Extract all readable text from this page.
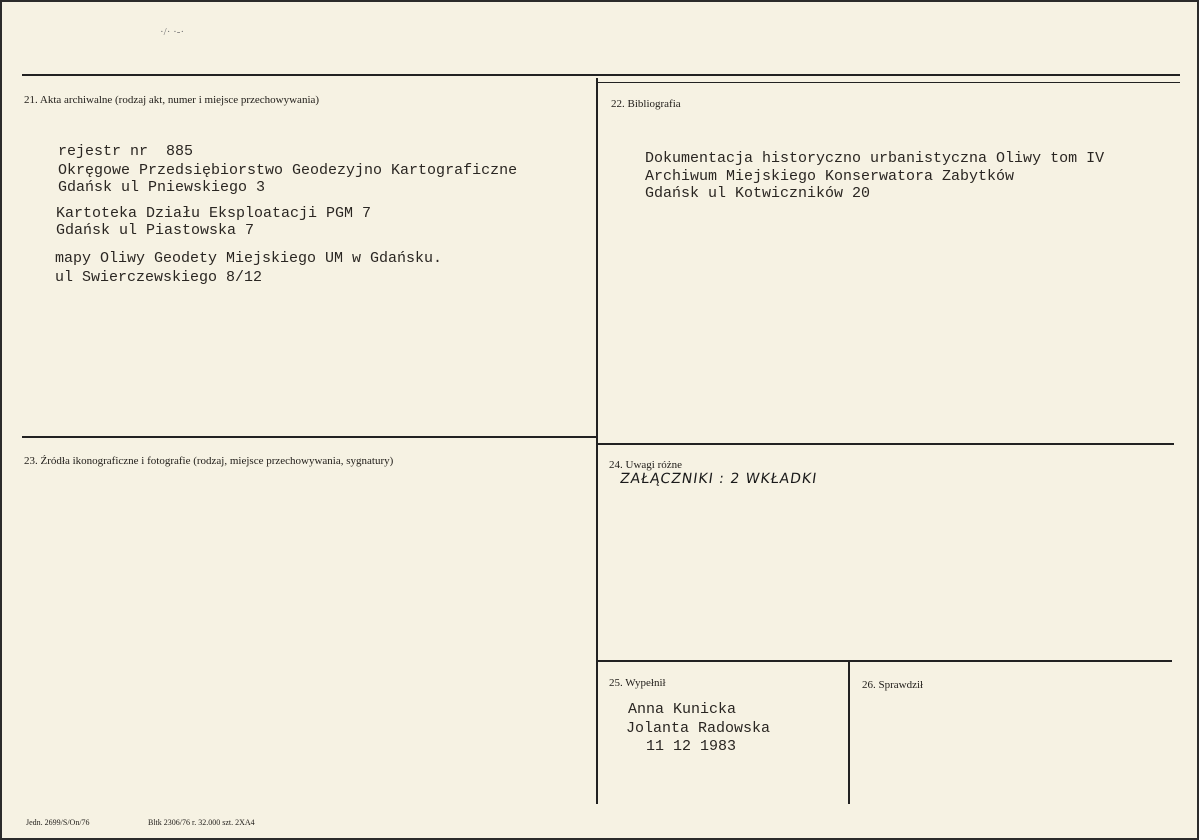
·/· ·-·
21. Akta archiwalne (rodzaj akt, numer i miejsce przechowywania)
rejestr nr  885
Okręgowe Przedsiębiorstwo Geodezyjno Kartograficzne
Gdańsk ul Pniewskiego 3
Kartoteka Działu Eksploatacji PGM 7
Gdańsk ul Piastowska 7
mapy Oliwy Geodety Miejskiego UM w Gdańsku.
ul Swierczewskiego 8/12
22. Bibliografia
Dokumentacja historyczno urbanistyczna Oliwy tom IV
Archiwum Miejskiego Konserwatora Zabytków
Gdańsk ul Kotwiczników 20
23. Źródła ikonograficzne i fotografie (rodzaj, miejsce przechowywania, sygnatury)	24. Uwagi różne
ZAŁĄCZNIKI : 2 WKŁADKI
25. Wypełnił
Anna Kunicka
Jolanta Radowska
11 12 1983
26. Sprawdził
Jedn. 2699/S/On/76	Bltk 2306/76 r. 32.000 szt. 2XA4
